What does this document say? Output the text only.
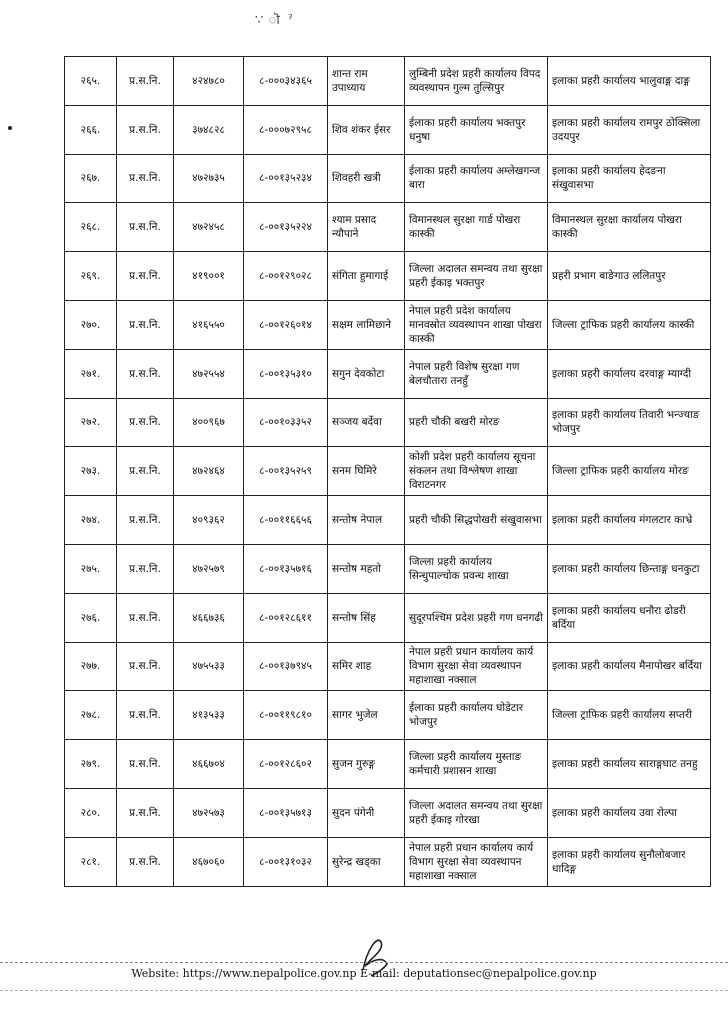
∵ ॊ ˀ
२६५.	प्र.स.नि.	४२४७८०	८-०००३४३६५	शान्त राम उपाध्याय	लुम्बिनी प्रदेश प्रहरी कार्यालय विपद व्यवस्थापन गुल्म तुल्सिपुर	इलाका प्रहरी कार्यालय भालुवाङ्ग दाङ्ग
२६६.	प्र.स.नि.	३७४८२८	८-०००७२९५८	शिव शंकर ईसर	ईलाका प्रहरी कार्यालय भक्तपुर धनुषा	इलाका प्रहरी कार्यालय रामपुर ठोक्सिला उदयपुर
२६७.	प्र.स.नि.	४७२७३५	८-००१३५२३४	शिवहरी खत्री	ईलाका प्रहरी कार्यालय अम्लेखगन्ज बारा	इलाका प्रहरी कार्यालय हेदङना संखुवासभा
२६८.	प्र.स.नि.	४७२४५८	८-००१३५२२४	श्याम प्रसाद न्यौपाने	विमानस्थल सुरक्षा गार्ड पोखरा कास्की	विमानस्थल सुरक्षा कार्यालय पोखरा कास्की
२६९.	प्र.स.नि.	४१९००१	८-००१२९०२८	संगिता हुमागाई	जिल्ला अदालत समन्वय तथा सुरक्षा प्रहरी ईकाइ भक्तपुर	प्रहरी प्रभाग बाङेगाउ ललितपुर
२७०.	प्र.स.नि.	४१६५५०	८-००१२६०१४	सक्षम लामिछाने	नेपाल प्रहरी प्रदेश कार्यालय मानवस्रोत व्यवस्थापन शाखा पोखरा कास्की	जिल्ला ट्राफिक प्रहरी कार्यालय कास्की
२७१.	प्र.स.नि.	४७२५५४	८-००१३५३१०	सगुन देवकोटा	नेपाल प्रहरी विशेष सुरक्षा गण बेलचौतारा तनहुँ	इलाका प्रहरी कार्यालय दरवाङ्ग म्याग्दी
२७२.	प्र.स.नि.	४००९६७	८-००१०३३५२	सञ्जय बर्देवा	प्रहरी चौकी बखरी मोरङ	इलाका प्रहरी कार्यालय तिवारी भन्ज्याङ भोजपुर
२७३.	प्र.स.नि.	४७२४६४	८-००१३५२५९	सनम घिमिरे	कोशी प्रदेश प्रहरी कार्यालय सूचना संकलन तथा विश्लेषण शाखा विराटनगर	जिल्ला ट्राफिक प्रहरी कार्यालय मोरङ
२७४.	प्र.स.नि.	४०९३६२	८-००११६६५६	सन्तोष नेपाल	प्रहरी चौकी सिद्धपोखरी संखुवासभा	इलाका प्रहरी कार्यालय मंगलटार काभ्रे
२७५.	प्र.स.नि.	४७२५७९	८-००१३५७१६	सन्तोष महतो	जिल्ला प्रहरी कार्यालय सिन्धुपाल्चोक प्रवन्ध शाखा	इलाका प्रहरी कार्यालय छिन्ताङ्ग धनकुटा
२७६.	प्र.स.नि.	४६६७३६	८-००१२८६११	सन्तोष सिंह	सुदूरपश्चिम प्रदेश प्रहरी गण धनगढी	इलाका प्रहरी कार्यालय धनौरा ढोडरी बर्दिया
२७७.	प्र.स.नि.	४७५५३३	८-००१३७९४५	समिर शाह	नेपाल प्रहरी प्रधान कार्यालय कार्य विभाग सुरक्षा सेवा व्यवस्थापन महाशाखा नक्साल	इलाका प्रहरी कार्यालय मैनापोखर बर्दिया
२७८.	प्र.स.नि.	४१३५३३	८-००११९८१०	सागर भुजेल	ईलाका प्रहरी कार्यालय घोडेटार भोजपुर	जिल्ला ट्राफिक प्रहरी कार्यालय सप्तरी
२७९.	प्र.स.नि.	४६६७०४	८-००१२८६०२	सुजन गुरुङ्ग	जिल्ला प्रहरी कार्यालय मुस्ताङ कर्मचारी प्रशासन शाखा	इलाका प्रहरी कार्यालय साराङ्गघाट तनहु
२८०.	प्र.स.नि.	४७२५७३	८-००१३५७१३	सुदन पंगेनी	जिल्ला अदालत समन्वय तथा सुरक्षा प्रहरी ईकाइ गोरखा	इलाका प्रहरी कार्यालय उवा रोल्पा
२८१.	प्र.स.नि.	४६७०६०	८-००१३१०३२	सुरेन्द्र खड्का	नेपाल प्रहरी प्रधान कार्यालय कार्य विभाग सुरक्षा सेवा व्यवस्थापन महाशाखा नक्साल	इलाका प्रहरी कार्यालय सुनौलोबजार धादिङ्ग
Website: https://www.nepalpolice.gov.np E-mail: deputationsec@nepalpolice.gov.np
